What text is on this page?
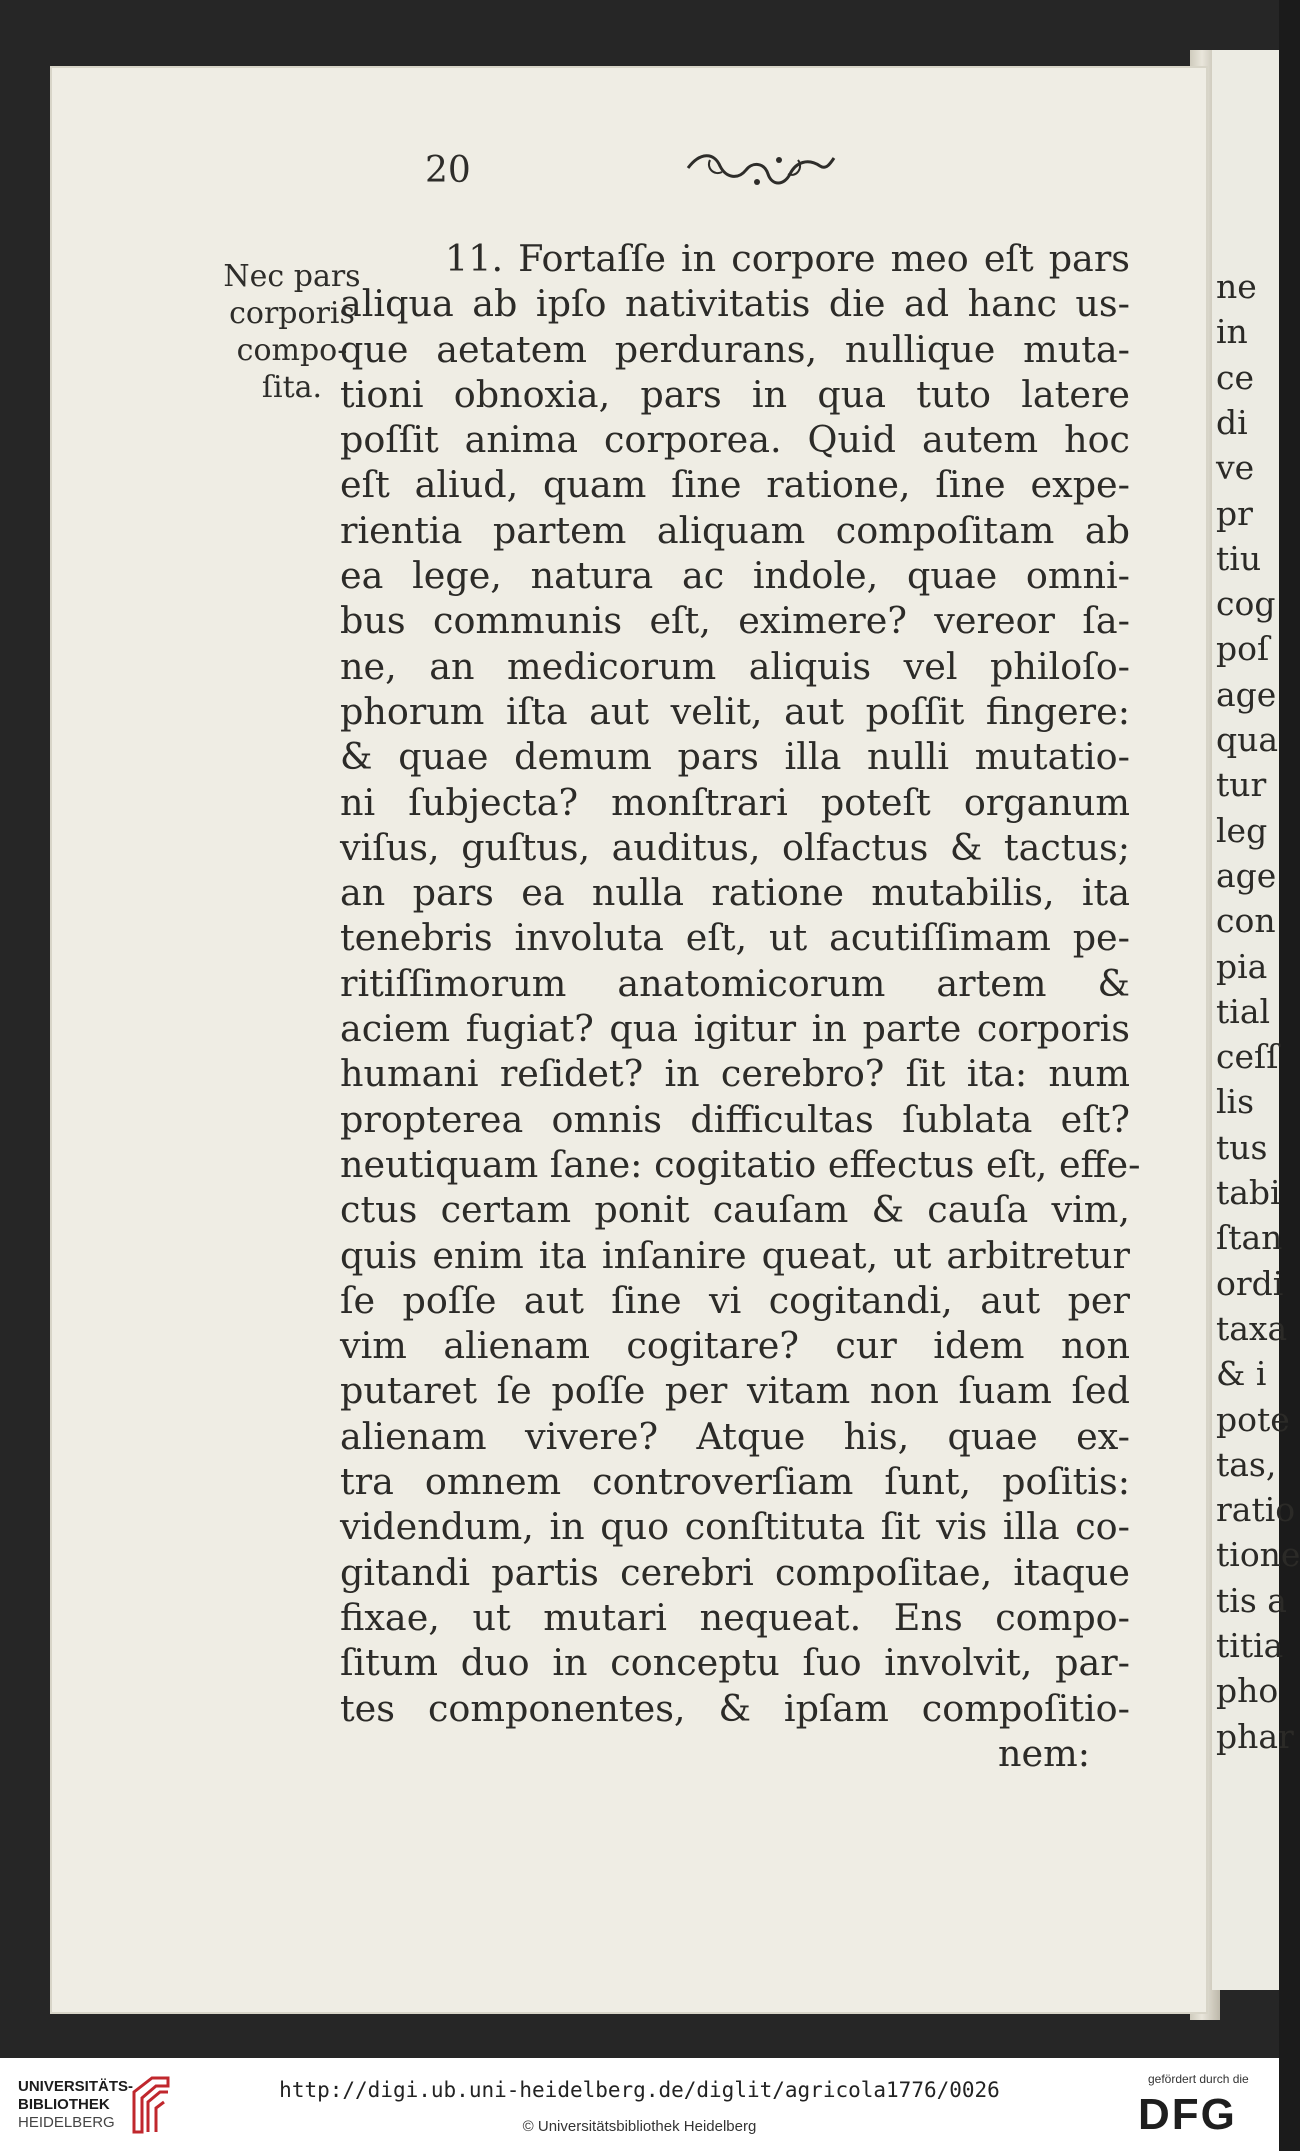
ne
in
ce
di
ve
pr
tiu
cog
poſ
age
qua
tur
leg
age
con
pia
tial
ceſſ
lis
tus
tabi
ſtan
ordi
taxa
& i
pote
tas,
ratio
tione
tis a
titia
pho
phar
20
Nec pars
corporis
compo-
ſita.
11. Fortaſſe in corpore meo eſt pars
aliqua ab ipſo nativitatis die ad hanc us-
que aetatem perdurans, nullique muta-
tioni obnoxia, pars in qua tuto latere
poſſit anima corporea. Quid autem hoc
eſt aliud, quam ſine ratione, ſine expe-
rientia partem aliquam compoſitam ab
ea lege, natura ac indole, quae omni-
bus communis eſt, eximere? vereor ſa-
ne, an medicorum aliquis vel philoſo-
phorum iſta aut velit, aut poſſit fingere:
& quae demum pars illa nulli mutatio-
ni ſubjecta? monſtrari poteſt organum
viſus, guſtus, auditus, olfactus & tactus;
an pars ea nulla ratione mutabilis, ita
tenebris involuta eſt, ut acutiſſimam pe-
ritiſſimorum anatomicorum artem &
aciem fugiat? qua igitur in parte corporis
humani reſidet? in cerebro? ſit ita: num
propterea omnis difficultas ſublata eſt?
neutiquam ſane: cogitatio effectus eſt, effe-
ctus certam ponit cauſam & cauſa vim,
quis enim ita inſanire queat, ut arbitretur
ſe poſſe aut ſine vi cogitandi, aut per
vim alienam cogitare? cur idem non
putaret ſe poſſe per vitam non ſuam ſed
alienam vivere? Atque his, quae ex-
tra omnem controverſiam ſunt, poſitis:
videndum, in quo conſtituta ſit vis illa co-
gitandi partis cerebri compoſitae, itaque
fixae, ut mutari nequeat. Ens compo-
ſitum duo in conceptu ſuo involvit, par-
tes componentes, & ipſam compoſitio-
nem:
UNIVERSITÄTS-
BIBLIOTHEK
HEIDELBERG
http://digi.ub.uni-heidelberg.de/diglit/agricola1776/0026
© Universitätsbibliothek Heidelberg
gefördert durch die
DFG
